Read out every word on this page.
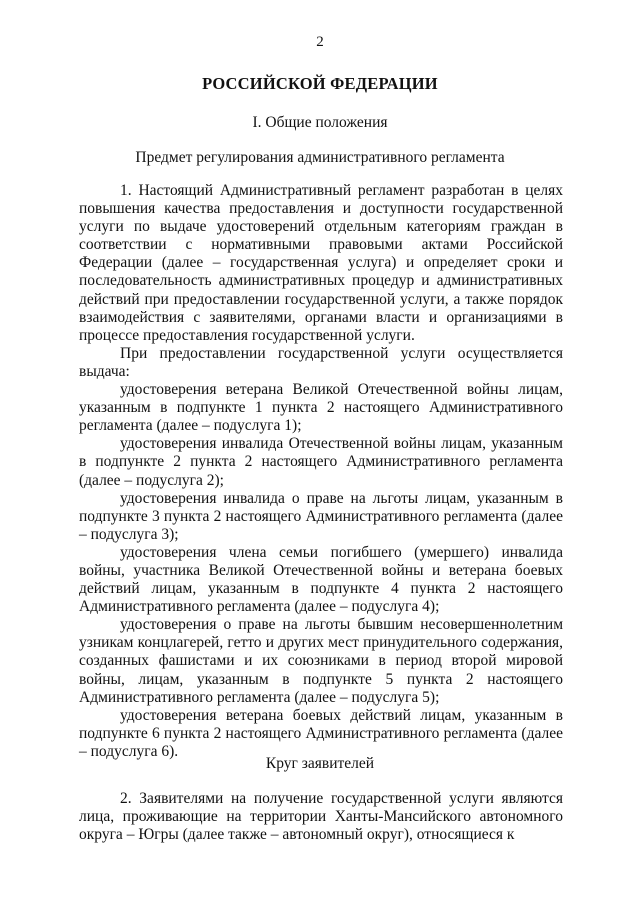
2
РОССИЙСКОЙ ФЕДЕРАЦИИ
I. Общие положения
Предмет регулирования административного регламента

1. Настоящий Административный регламент разработан в целях повышения качества предоставления и доступности государственной услуги по выдаче удостоверений отдельным категориям граждан в соответствии с нормативными правовыми актами Российской Федерации (далее – государственная услуга) и определяет сроки и последовательность административных процедур и административных действий при предоставлении государственной услуги, а также порядок взаимодействия с заявителями, органами власти и организациями в процессе предоставления государственной услуги.

При предоставлении государственной услуги осуществляется выдача:

удостоверения ветерана Великой Отечественной войны лицам, указанным в подпункте 1 пункта 2 настоящего Административного регламента (далее – подуслуга 1);

удостоверения инвалида Отечественной войны лицам, указанным в подпункте 2 пункта 2 настоящего Административного регламента (далее – подуслуга 2);

удостоверения инвалида о праве на льготы лицам, указанным в подпункте 3 пункта 2 настоящего Административного регламента (далее – подуслуга 3);

удостоверения члена семьи погибшего (умершего) инвалида войны, участника Великой Отечественной войны и ветерана боевых действий лицам, указанным в подпункте 4 пункта 2 настоящего Административного регламента (далее – подуслуга 4);

удостоверения о праве на льготы бывшим несовершеннолетним узникам концлагерей, гетто и других мест принудительного содержания, созданных фашистами и их союзниками в период второй мировой войны, лицам, указанным в подпункте 5 пункта 2 настоящего Административного регламента (далее – подуслуга 5);

удостоверения ветерана боевых действий лицам, указанным в подпункте 6 пункта 2 настоящего Административного регламента (далее – подуслуга 6).

Круг заявителей

2. Заявителями на получение государственной услуги являются лица, проживающие на территории Ханты-Мансийского автономного округа – Югры (далее также – автономный округ), относящиеся к
